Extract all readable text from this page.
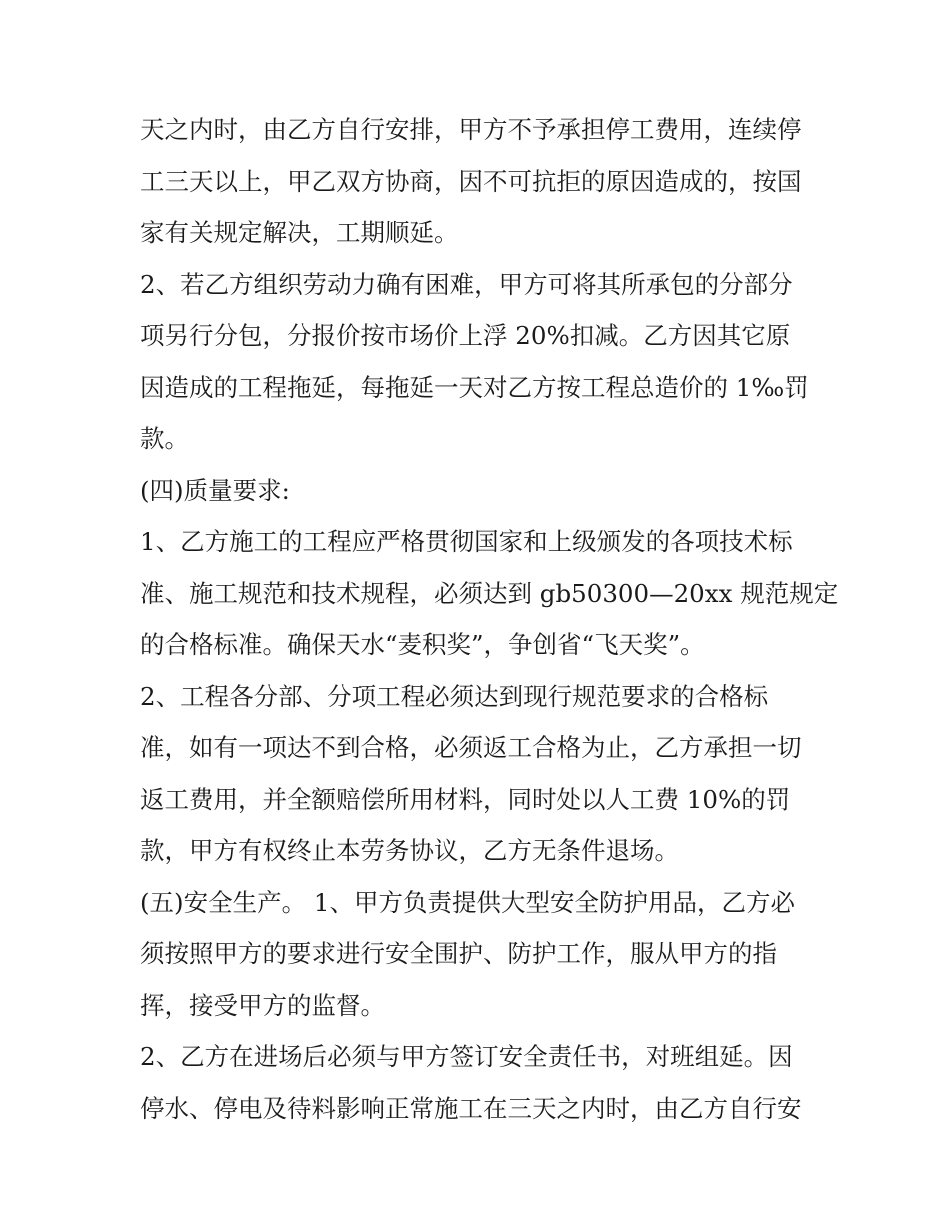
天之内时，由乙方自行安排，甲方不予承担停工费用，连续停
工三天以上，甲乙双方协商，因不可抗拒的原因造成的，按国
家有关规定解决，工期顺延。
2、若乙方组织劳动力确有困难，甲方可将其所承包的分部分
项另行分包，分报价按市场价上浮 20%扣减。乙方因其它原
因造成的工程拖延，每拖延一天对乙方按工程总造价的 1‰罚
款。
(四)质量要求:
1、乙方施工的工程应严格贯彻国家和上级颁发的各项技术标
准、施工规范和技术规程，必须达到 gb50300—20xx 规范规定
的合格标准。确保天水“麦积奖”，争创省“飞天奖”。
2、工程各分部、分项工程必须达到现行规范要求的合格标
准，如有一项达不到合格，必须返工合格为止，乙方承担一切
返工费用，并全额赔偿所用材料，同时处以人工费 10%的罚
款，甲方有权终止本劳务协议，乙方无条件退场。
(五)安全生产。 1、甲方负责提供大型安全防护用品，乙方必
须按照甲方的要求进行安全围护、防护工作，服从甲方的指
挥，接受甲方的监督。
2、乙方在进场后必须与甲方签订安全责任书，对班组延。因
停水、停电及待料影响正常施工在三天之内时，由乙方自行安
